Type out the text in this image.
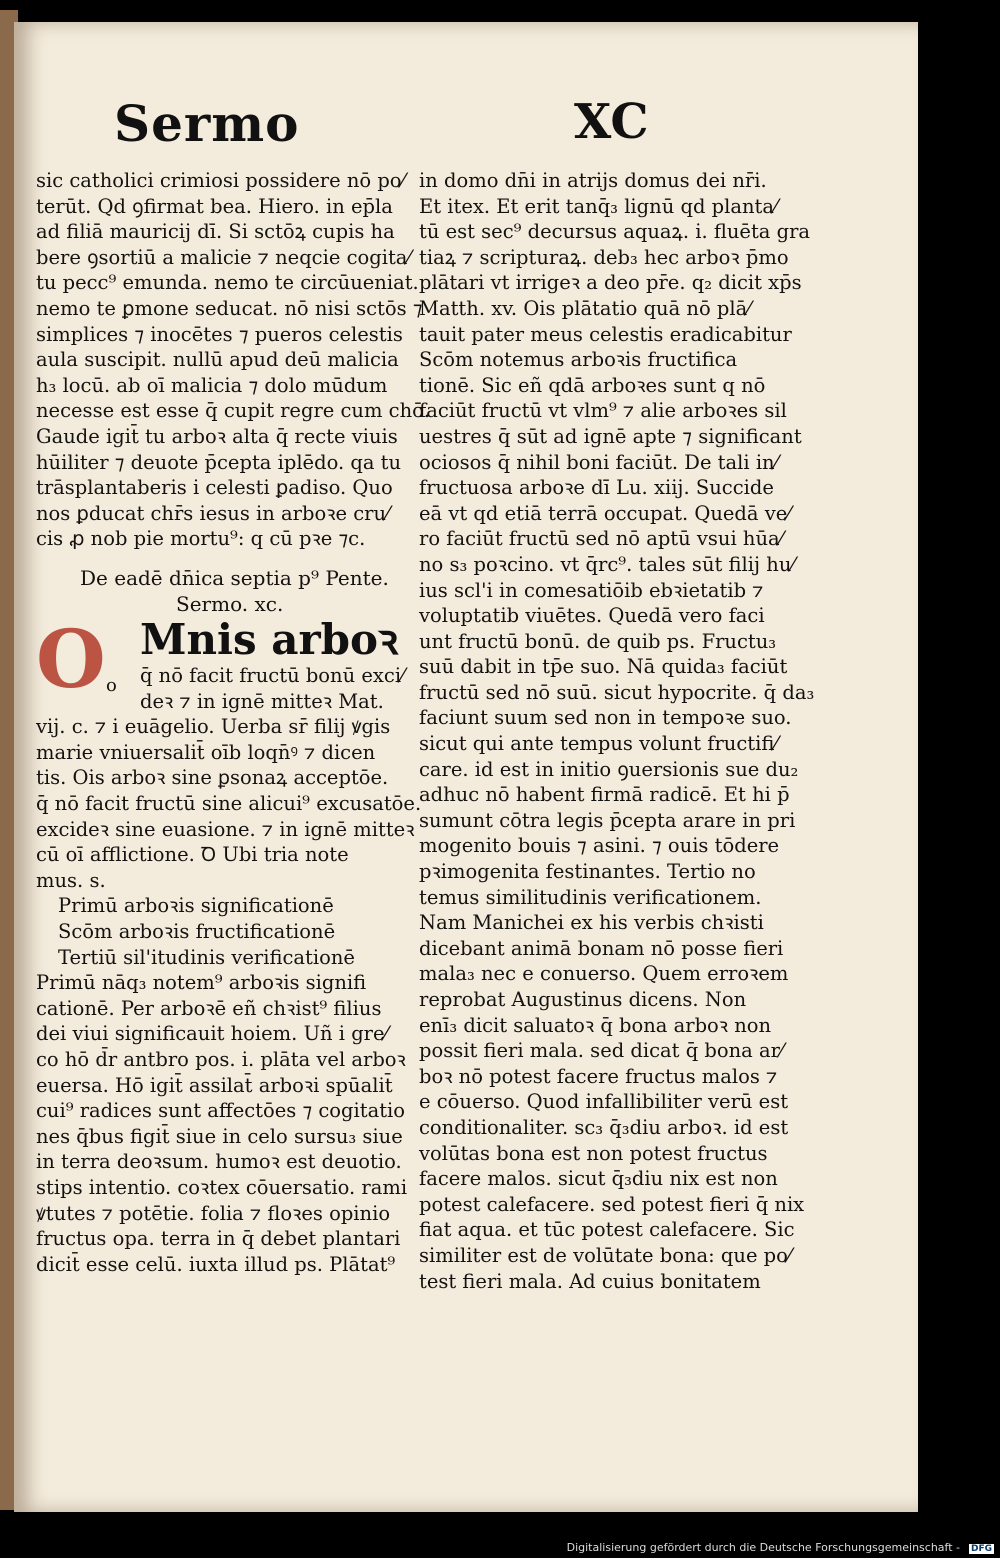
Sermo	XC
sic catholici crimiosi possidere nō po⁄
terūt. Qd ꝯfirmat bea. Hiero. in ep̄la
ad filiā mauricij dī. Si sctōꝝ cupis ha
bere ꝯsortiū a malicie ⁊ neqcie cogita⁄
tu pecc⁹ emunda. nemo te circūueniat.
nemo te ꝑmone seducat. nō nisi sctōs ⁊
simplices ⁊ inocētes ⁊ pueros celestis
aula suscipit. nullū apud deū malicia
h₃ locū. ab oī malicia ⁊ dolo mūdum
necesse est esse q̄ cupit regre cum chō.
Gaude igit̄ tu arboꝛ alta q̄ recte viuis
hūiliter ⁊ deuote p̄cepta iplēdo. qa tu
trāsplantaberis i celesti ꝑadiso. Quo
nos ꝑducat chr̄s iesus in arboꝛe cru⁄
cis ꝓ nob pie mortu⁹: q cū pꝛe ⁊c.
De eadē dn̄ica septia p⁹ Pente.
Sermo. xc.
O o
Mnis arboꝛ
q̄ nō facit fructū bonū exci⁄
deꝛ ⁊ in ignē mitteꝛ Mat.
vij. c. ⁊ i euāgelio. Uerba sr̄ filij ꝟgis
marie vniuersalit̄ oīb loqn̄ꝰ ⁊ dicen
tis. Ois arboꝛ sine ꝑsonaꝝ acceptōe.
q̄ nō facit fructū sine alicui⁹ excusatōe.
excideꝛ sine euasione. ⁊ in ignē mitteꝛ
cū oī afflictione. Ꝺ Ubi tria note
mus. s.
Primū arboꝛis significationē
Scōm arboꝛis fructificationē
Tertiū sil'itudinis verificationē
Primū nāq₃ notem⁹ arboꝛis signifi
cationē. Per arboꝛē eñ chꝛist⁹ filius
dei viui significauit hoiem. Uñ i gre⁄
co hō d̄r antbro pos. i. plāta vel arboꝛ
euersa. Hō igit̄ assilat̄ arboꝛi spūalit̄
cui⁹ radices sunt affectōes ⁊ cogitatio
nes q̄bus figit̄ siue in celo sursu₃ siue
in terra deoꝛsum. humoꝛ est deuotio.
stips intentio. coꝛtex cōuersatio. rami
ꝟtutes ⁊ potētie. folia ⁊ floꝛes opinio
fructus opa. terra in q̄ debet plantari
dicit̄ esse celū. iuxta illud ps. Plātat⁹
in domo dn̄i in atrijs domus dei nr̄i.
Et itex. Et erit tanq̄₃ lignū qd planta⁄
tū est sec⁹ decursus aquaꝝ. i. fluēta gra
tiaꝝ ⁊ scripturaꝝ. deb₃ hec arboꝛ p̄mo
plātari vt irrigeꝛ a deo pr̄e. q₂ dicit xp̄s
Matth. xv. Ois plātatio quā nō plā⁄
tauit pater meus celestis eradicabitur
Scōm notemus arboꝛis fructifica
tionē. Sic eñ qdā arboꝛes sunt q nō
faciūt fructū vt vlm⁹ ⁊ alie arboꝛes sil
uestres q̄ sūt ad ignē apte ⁊ significant
ociosos q̄ nihil boni faciūt. De tali in⁄
fructuosa arboꝛe dī Lu. xiij. Succide
eā vt qd etiā terrā occupat. Quedā ve⁄
ro faciūt fructū sed nō aptū vsui hūa⁄
no s₃ poꝛcino. vt q̄rc⁹. tales sūt filij hu⁄
ius scl'i in comesatiōib ebꝛietatib ⁊
voluptatib viuētes. Quedā vero faci
unt fructū bonū. de quib ps. Fructu₃
suū dabit in tp̄e suo. Nā quida₃ faciūt
fructū sed nō suū. sicut hypocrite. q̄ da₃
faciunt suum sed non in tempoꝛe suo.
sicut qui ante tempus volunt fructifi⁄
care. id est in initio ꝯuersionis sue du₂
adhuc nō habent firmā radicē. Et hi p̄
sumunt cōtra legis p̄cepta arare in pri
mogenito bouis ⁊ asini. ⁊ ouis tōdere
pꝛimogenita festinantes. Tertio no
temus similitudinis verificationem.
Nam Manichei ex his verbis chꝛisti
dicebant animā bonam nō posse fieri
mala₃ nec e conuerso. Quem erroꝛem
reprobat Augustinus dicens. Non
enī₃ dicit saluatoꝛ q̄ bona arboꝛ non
possit fieri mala. sed dicat q̄ bona ar⁄
boꝛ nō potest facere fructus malos ⁊
e cōuerso. Quod infallibiliter verū est
conditionaliter. sc₃ q̄₃diu arboꝛ. id est
volūtas bona est non potest fructus
facere malos. sicut q̄₃diu nix est non
potest calefacere. sed potest fieri q̄ nix
fiat aqua. et tūc potest calefacere. Sic
similiter est de volūtate bona: que po⁄
test fieri mala. Ad cuius bonitatem
Digitalisierung gefördert durch die Deutsche Forschungsgemeinschaft - DFG
